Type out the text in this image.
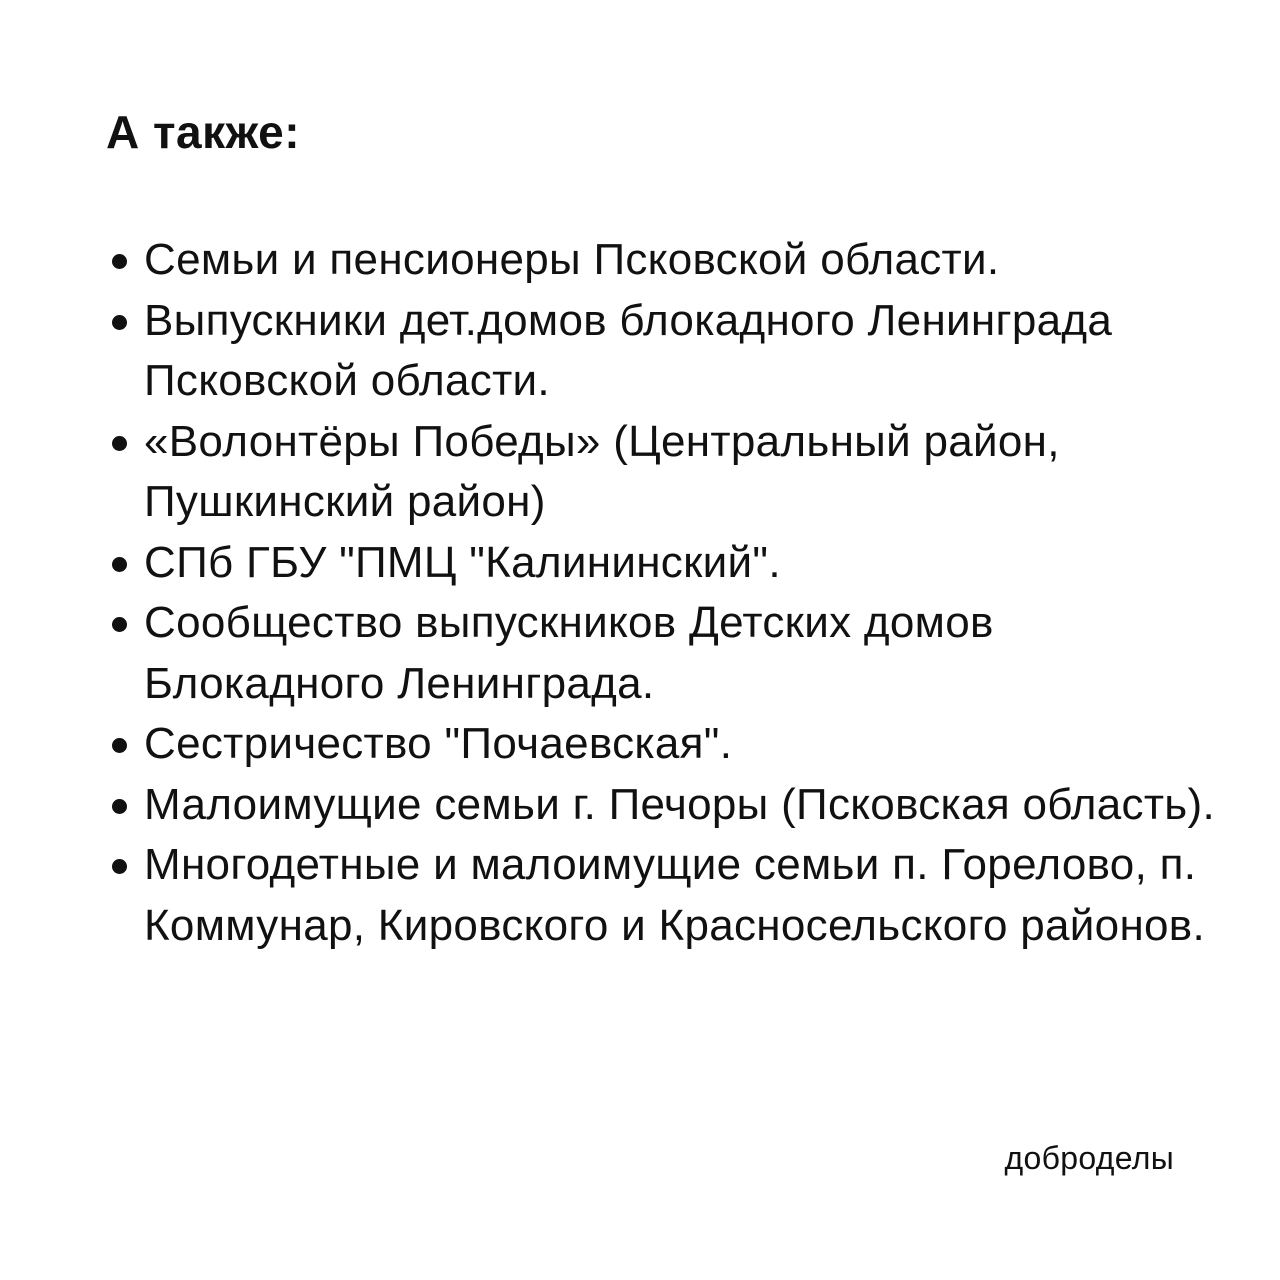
А также:
Семьи и пенсионеры Псковской области.
Выпускники дет.домов блокадного Ленинграда Псковской области.
«Волонтёры Победы» (Центральный район, Пушкинский район)
СПб ГБУ "ПМЦ "Калининский".
Сообщество выпускников Детских домов Блокадного Ленинграда.
Сестричество "Почаевская".
Малоимущие семьи г. Печоры (Псковская область).
Многодетные и малоимущие семьи п. Горелово, п. Коммунар, Кировского и Красносельского районов.
доброделы
